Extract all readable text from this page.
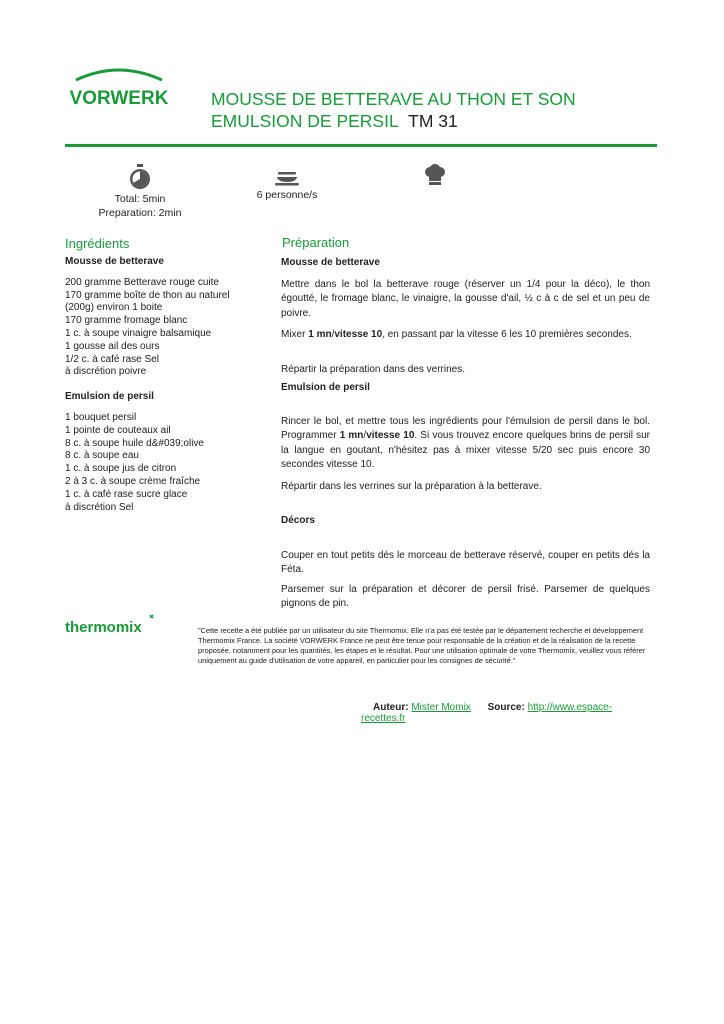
VORWERK MOUSSE DE BETTERAVE AU THON ET SON EMULSION DE PERSIL TM 31
Total: 5min
Preparation: 2min
6 personne/s
Ingrédients
Mousse de betterave
200 gramme Betterave rouge cuite
170 gramme boîte de thon au naturel (200g) environ 1 boite
170 gramme fromage blanc
1 c. à soupe vinaigre balsamique
1 gousse ail des ours
1/2 c. à café rase Sel
à discrétion poivre
Emulsion de persil
1 bouquet persil
1 pointe de couteaux ail
8 c. à soupe huile d&#039;olive
8 c. à soupe eau
1 c. à soupe jus de citron
2 à 3 c. à soupe crème fraîche
1 c. à café rase sucre glace
à discrétion Sel
Préparation
Mousse de betterave

Mettre dans le bol la betterave rouge (réserver un 1/4 pour la déco), le thon égoutté, le fromage blanc, le vinaigre, la gousse d'ail, ½ c à c de sel et un peu de poivre.

Mixer 1 mn/vitesse 10, en passant par la vitesse 6 les 10 premières secondes.

Répartir la préparation dans des verrines.

Emulsion de persil

Rincer le bol, et mettre tous les ingrédients pour l'émulsion de persil dans le bol. Programmer 1 mn/vitesse 10. Si vous trouvez encore quelques brins de persil sur la langue en goutant, n'hésitez pas à mixer vitesse 5/20 sec puis encore 30 secondes vitesse 10.

Répartir dans les verrines sur la préparation à la betterave.

Décors

Couper en tout petits dés le morceau de betterave réservé, couper en petits dés la Féta.

Parsemer sur la préparation et décorer de persil frisé. Parsemer de quelques pignons de pin.

thermomix	"Cette recette a été publiée par un utilisateur du site Thermomix. Elle n'a pas été testée par le département recherche et développement Thermomix France. La société VORWERK France ne peut être tenue pour responsable de la création et de la réalisation de la recette proposée, notamment pour les quantités, les étapes et le résultat. Pour une utilisation optimale de votre Thermomix, veuillez vous référer uniquement au guide d'utilisation de votre appareil, en particulier pour les consignes de sécurité."
Auteur: Mister Momix Source: http://www.espace-recettes.fr
